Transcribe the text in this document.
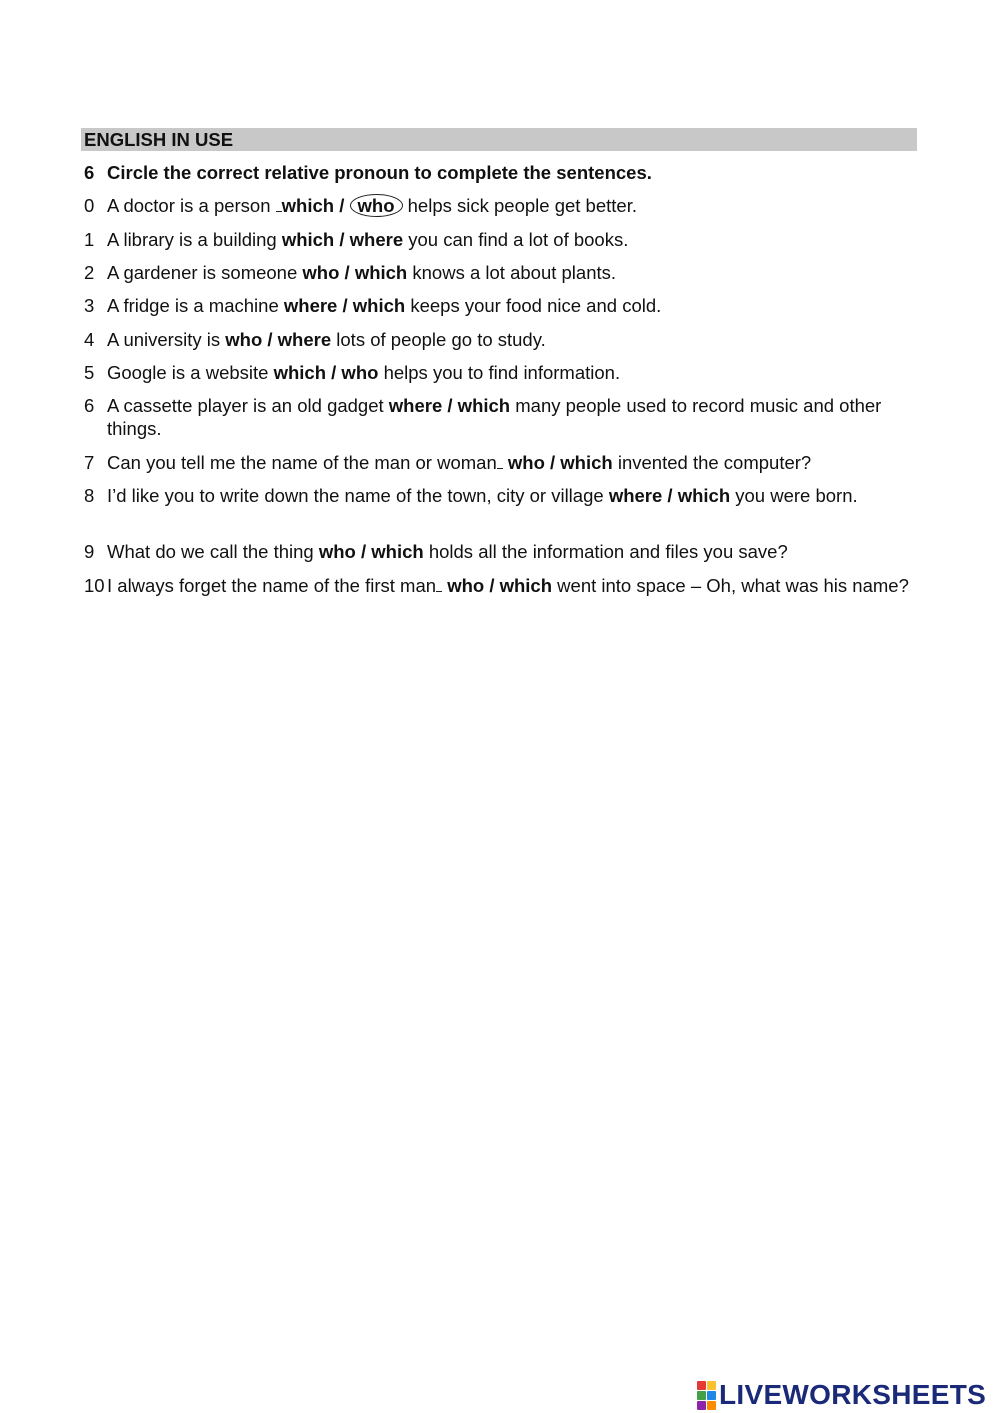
ENGLISH IN USE
6 Circle the correct relative pronoun to complete the sentences.
0 A doctor is a person which / who helps sick people get better.
1 A library is a building which / where you can find a lot of books.
2 A gardener is someone who / which knows a lot about plants.
3 A fridge is a machine where / which keeps your food nice and cold.
4 A university is who / where lots of people go to study.
5 Google is a website which / who helps you to find information.
6 A cassette player is an old gadget where / which many people used to record music and other things.
7 Can you tell me the name of the man or woman who / which invented the computer?
8 I’d like you to write down the name of the town, city or village where / which you were born.
9 What do we call the thing who / which holds all the information and files you save?
10 I always forget the name of the first man who / which went into space – Oh, what was his name?
LIVEWORKSHEETS
